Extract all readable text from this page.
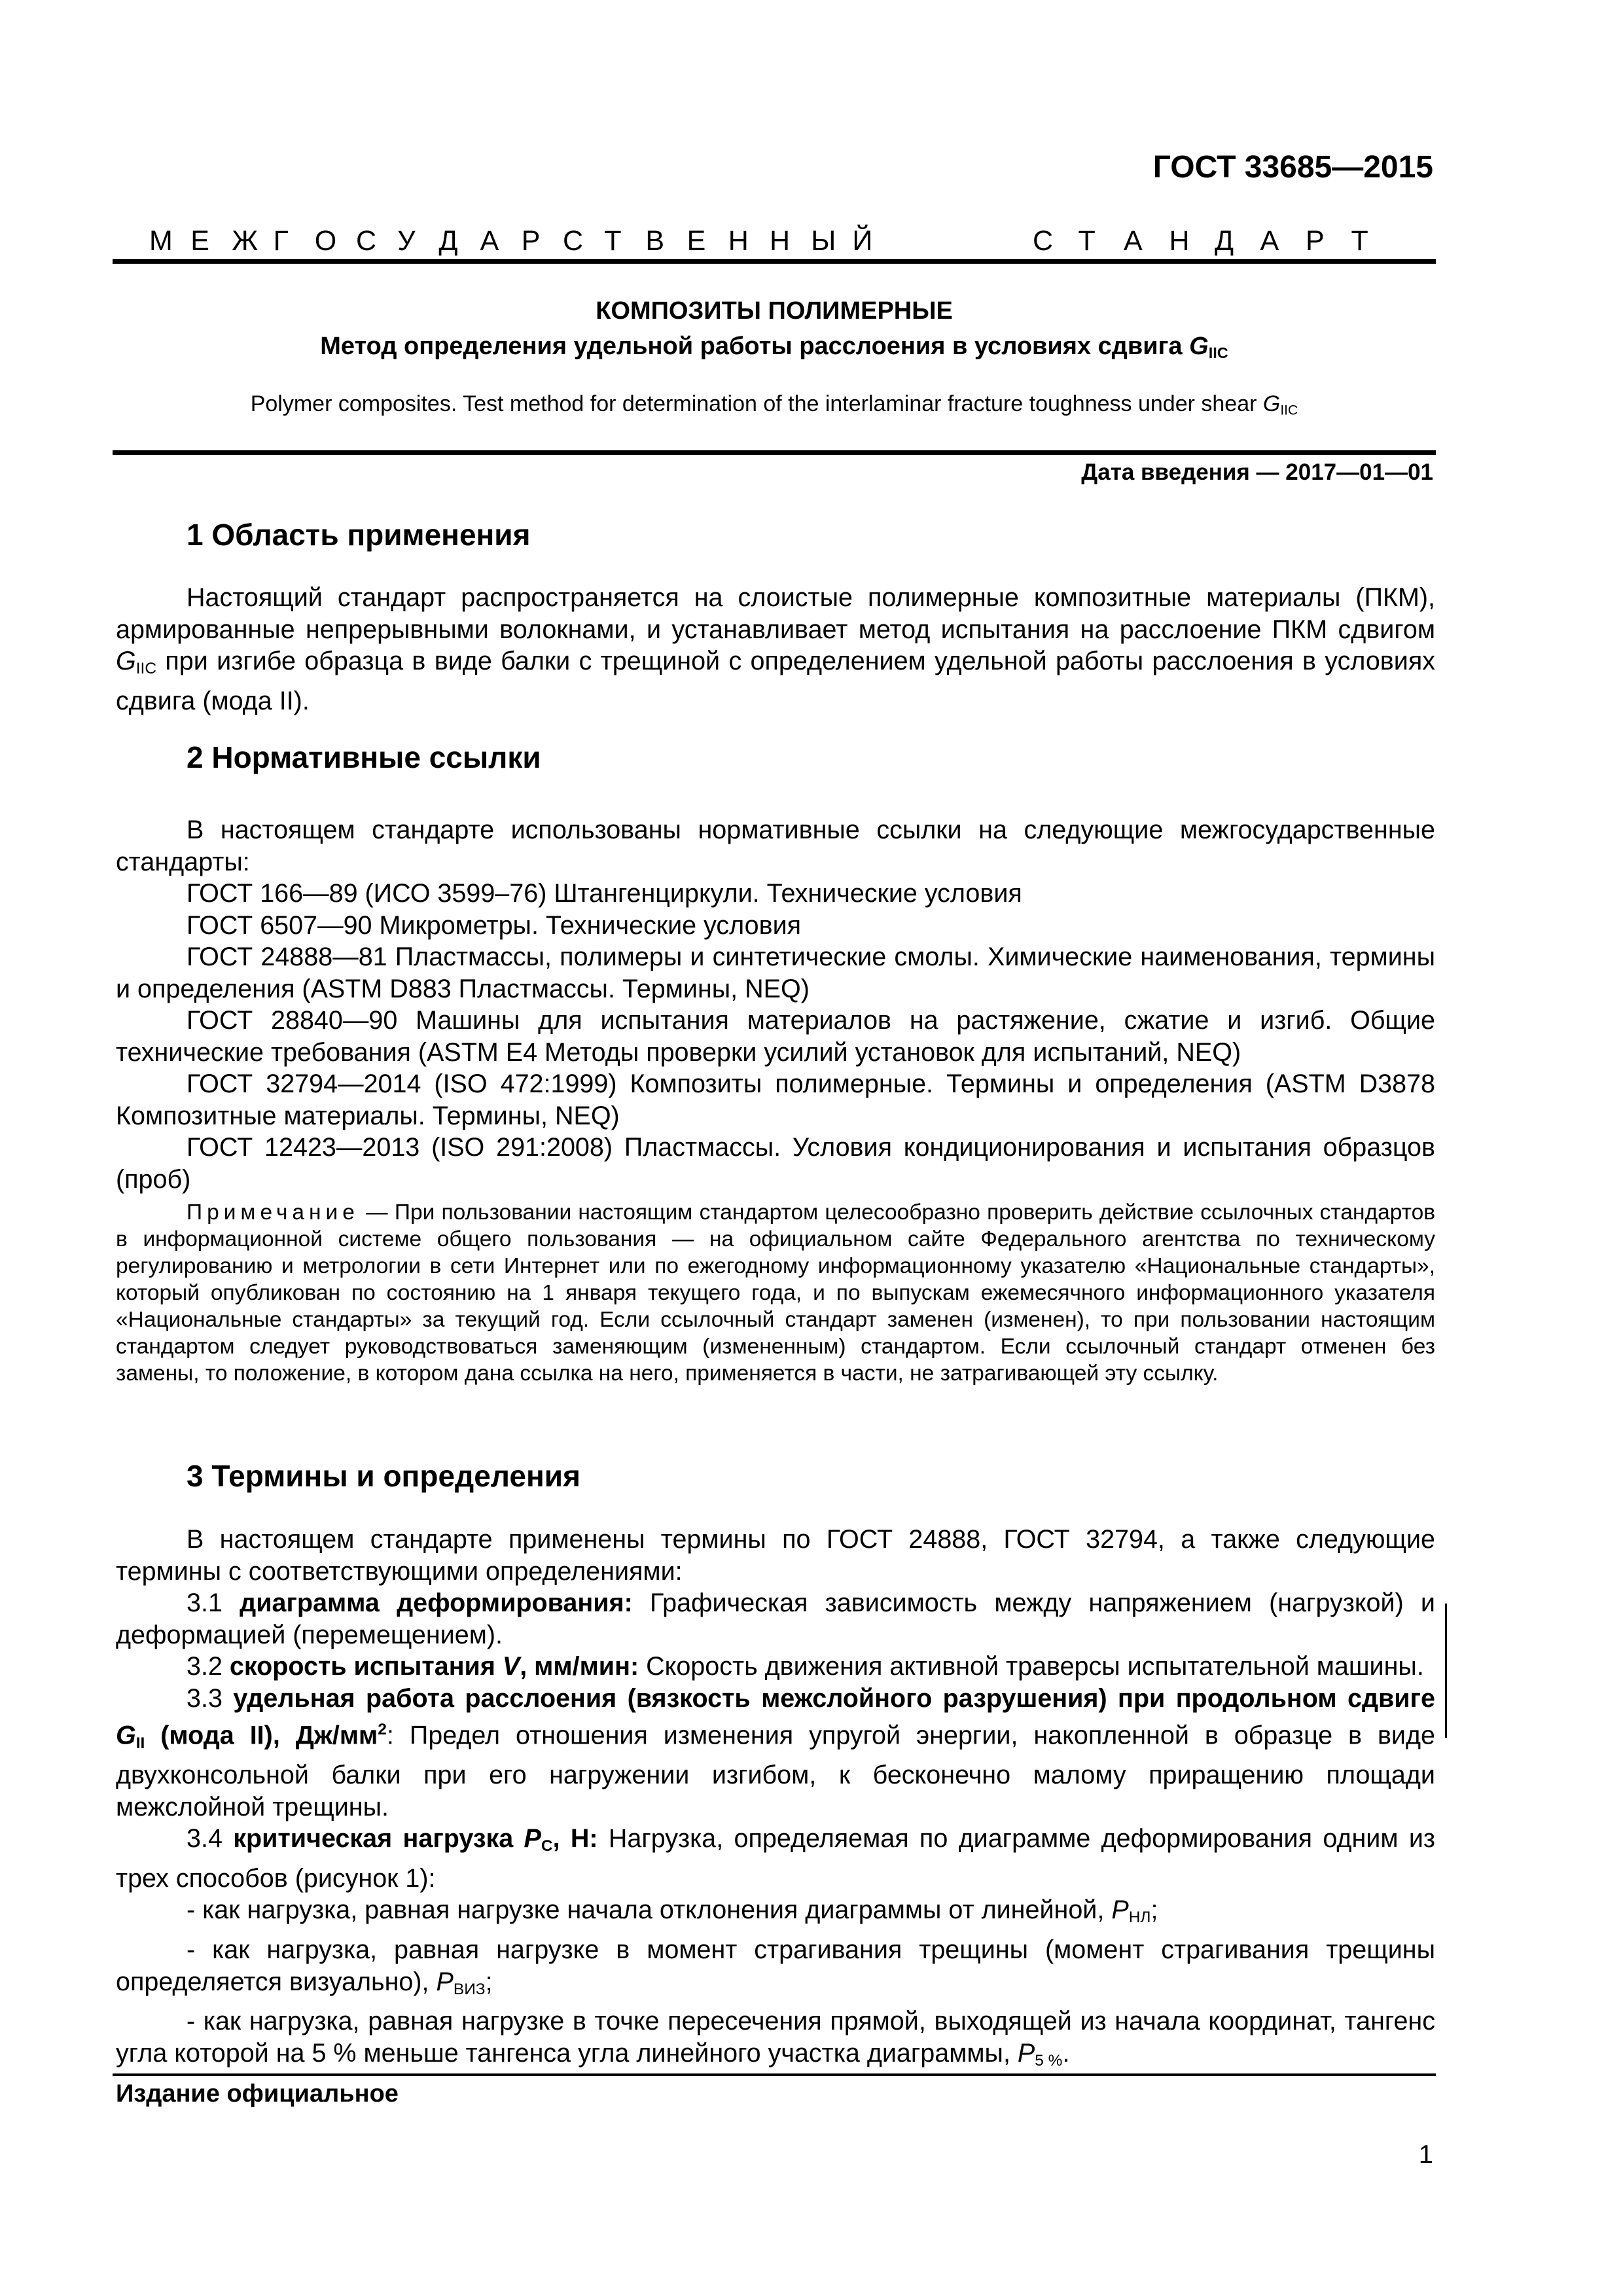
ГОСТ 33685—2015
М Е Ж Г О С У Д А Р С Т В Е Н Н Ы Й	С Т А Н Д А Р Т
КОМПОЗИТЫ ПОЛИМЕРНЫЕ
Метод определения удельной работы расслоения в условиях сдвига $G_{IIC}$
Polymer composites. Test method for determination of the interlaminar fracture toughness under shear $G_{IIC}$
Дата введения — 2017—01—01
1 Область применения

Настоящий стандарт распространяется на слоистые полимерные композитные материалы (ПКМ), армированные непрерывными волокнами, и устанавливает метод испытания на расслоение ПКМ сдвигом $G_{IIC}$ при изгибе образца в виде балки с трещиной с определением удельной работы расслоения в условиях сдвига (мода II).

2 Нормативные ссылки

В настоящем стандарте использованы нормативные ссылки на следующие межгосударственные стандарты:

ГОСТ 166—89 (ИСО 3599–76) Штангенциркули. Технические условия

ГОСТ 6507—90 Микрометры. Технические условия

ГОСТ 24888—81 Пластмассы, полимеры и синтетические смолы. Химические наименования, термины и определения (ASTM D883 Пластмассы. Термины, NEQ)

ГОСТ 28840—90 Машины для испытания материалов на растяжение, сжатие и изгиб. Общие технические требования (ASTM E4 Методы проверки усилий установок для испытаний, NEQ)

ГОСТ 32794—2014 (ISO 472:1999) Композиты полимерные. Термины и определения (ASTM D3878 Композитные материалы. Термины, NEQ)

ГОСТ 12423—2013 (ISO 291:2008) Пластмассы. Условия кондиционирования и испытания образцов (проб)

Примечание — При пользовании настоящим стандартом целесообразно проверить действие ссылочных стандартов в информационной системе общего пользования — на официальном сайте Федерального агентства по техническому регулированию и метрологии в сети Интернет или по ежегодному информационному указателю «Национальные стандарты», который опубликован по состоянию на 1 января текущего года, и по выпускам ежемесячного информационного указателя «Национальные стандарты» за текущий год. Если ссылочный стандарт заменен (изменен), то при пользовании настоящим стандартом следует руководствоваться заменяющим (измененным) стандартом. Если ссылочный стандарт отменен без замены, то положение, в котором дана ссылка на него, применяется в части, не затрагивающей эту ссылку.

3 Термины и определения

В настоящем стандарте применены термины по ГОСТ 24888, ГОСТ 32794, а также следующие термины с соответствующими определениями:

3.1 диаграмма деформирования: Графическая зависимость между напряжением (нагрузкой) и деформацией (перемещением).

3.2 скорость испытания V, мм/мин: Скорость движения активной траверсы испытательной машины.

3.3 удельная работа расслоения (вязкость межслойного разрушения) при продольном сдвиге $G_{II}$ (мода II), $Дж/мм^2$: Предел отношения изменения упругой энергии, накопленной в образце в виде двухконсольной балки при его нагружении изгибом, к бесконечно малому приращению площади межслойной трещины.

3.4 критическая нагрузка $P_C$, Н: Нагрузка, определяемая по диаграмме деформирования одним из трех способов (рисунок 1):

- как нагрузка, равная нагрузке начала отклонения диаграммы от линейной, $P_{НЛ}$;

- как нагрузка, равная нагрузке в момент страгивания трещины (момент страгивания трещины определяется визуально), $P_{ВИЗ}$;

- как нагрузка, равная нагрузке в точке пересечения прямой, выходящей из начала координат, тангенс угла которой на 5 % меньше тангенса угла линейного участка диаграммы, $P_{5 \%}$.

Издание официальное
1
